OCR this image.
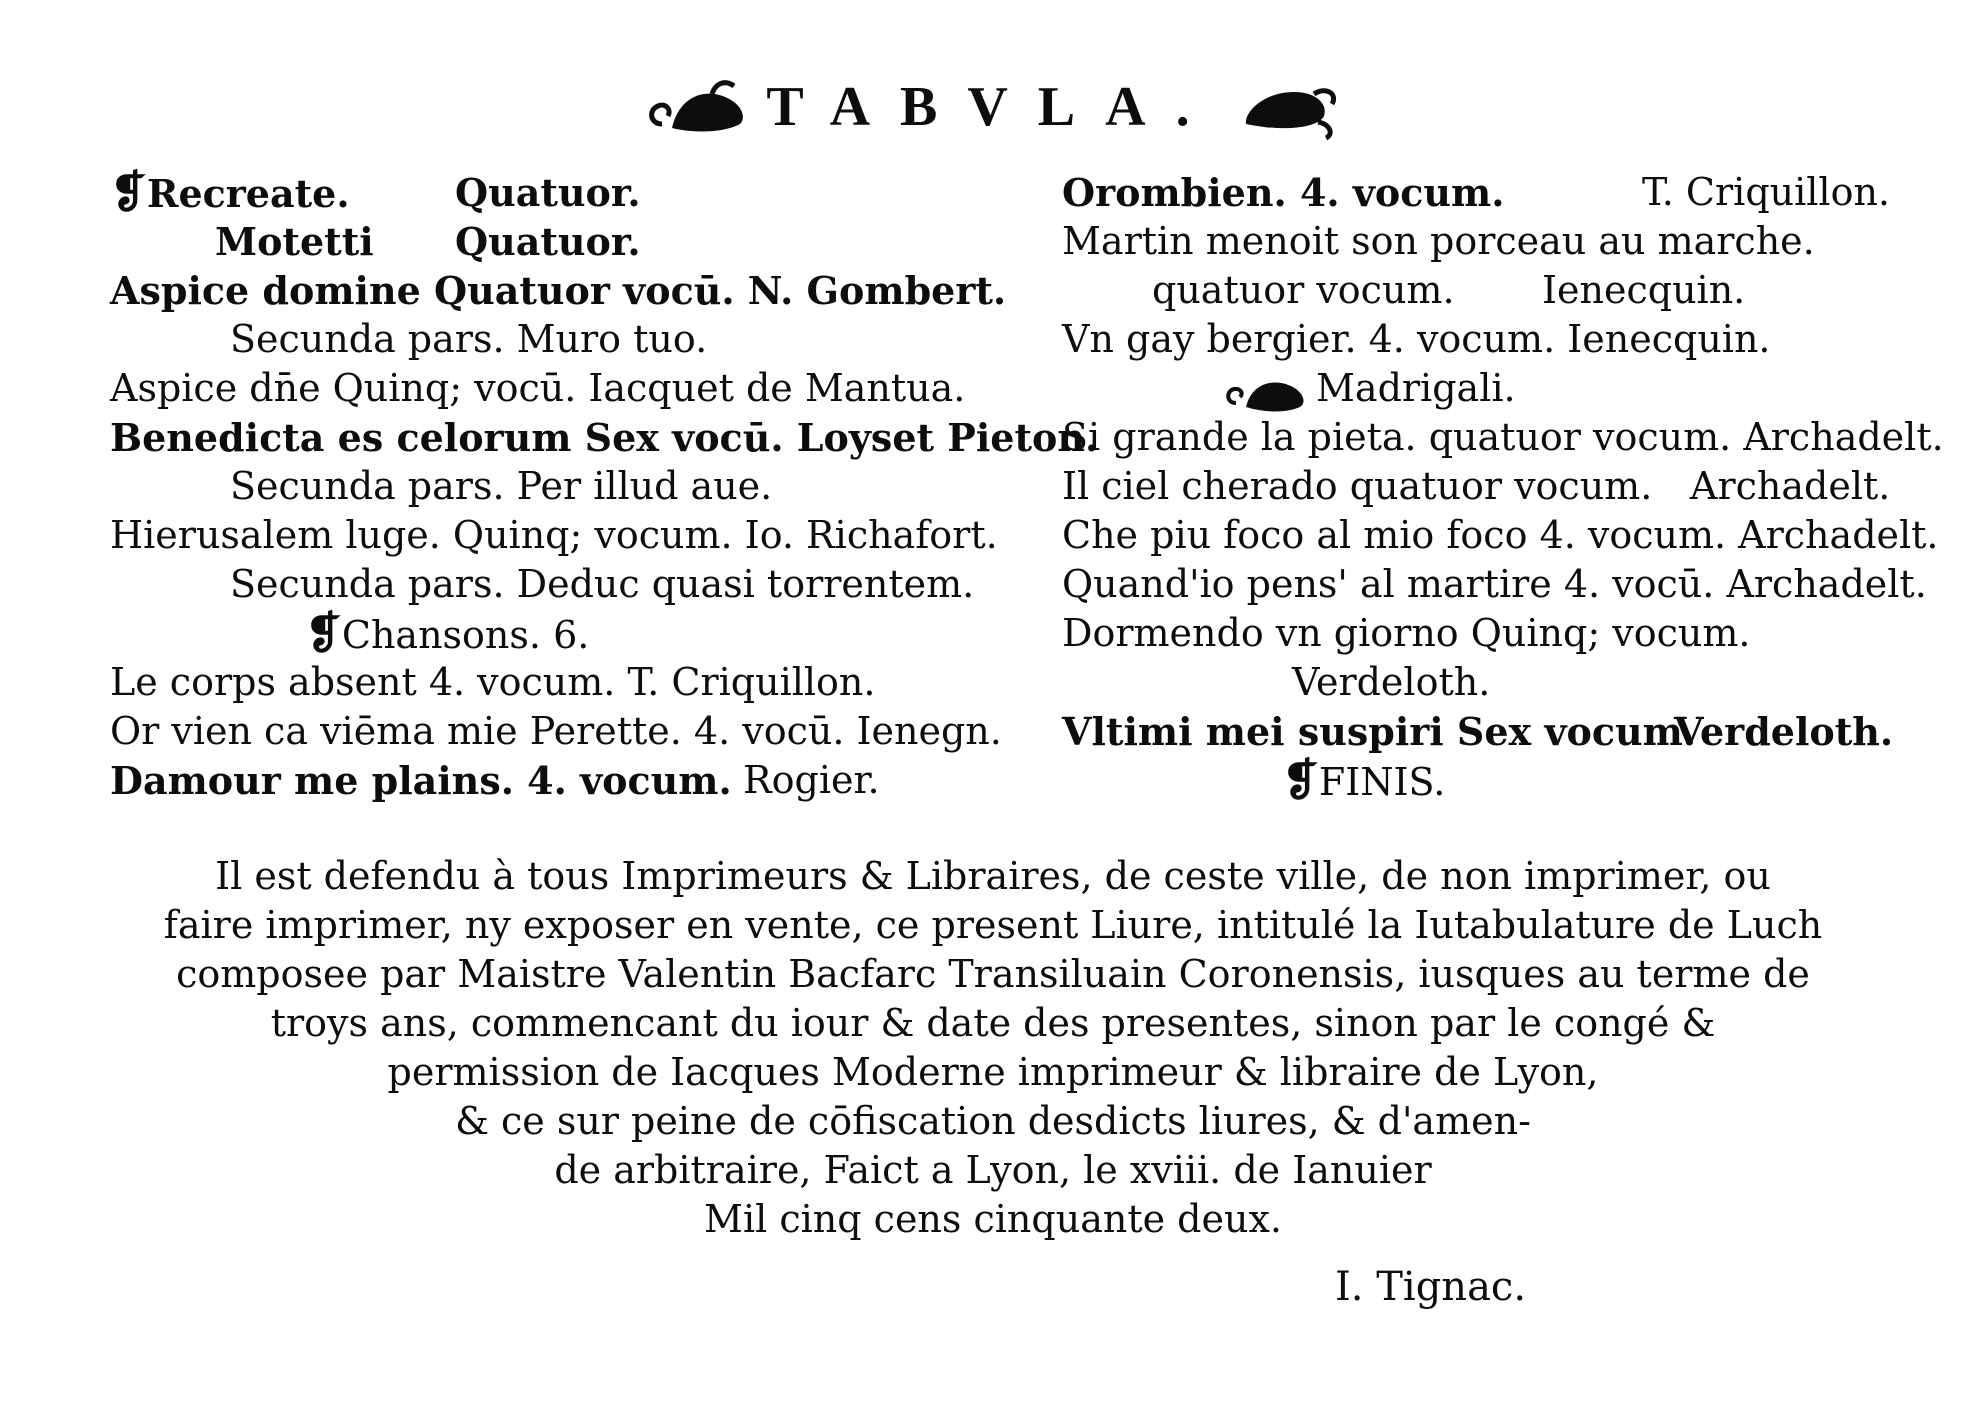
TABVLA.
❡Recreate.	Quatuor.
Motetti Quatuor.
Aspice domine Quatuor vocū. N. Gombert.
Secunda pars. Muro tuo.
Aspice dn̄e Quinq; vocū. Iacquet de Mantua.
Benedicta es celorum Sex vocū. Loyset Pieton.
Secunda pars. Per illud aue.
Hierusalem luge. Quinq; vocum. Io. Richafort.
Secunda pars. Deduc quasi torrentem.
❡Chansons. 6.
Le corps absent 4. vocum. T. Criquillon.
Or vien ca viēma mie Perette. 4. vocū. Ienegn.
Damour me plains. 4. vocum. Rogier.
Orombien. 4. vocum.	T. Criquillon.
Martin menoit son porceau au marche.
quatuor vocum. Ienecquin.
Vn gay bergier. 4. vocum. Ienecquin.
Madrigali.
Si grande la pieta. quatuor vocum. Archadelt.
Il ciel cherado quatuor vocum. Archadelt.
Che piu foco al mio foco 4. vocum. Archadelt.
Quand'io pens' al martire 4. vocū. Archadelt.
Dormendo vn giorno Quinq; vocum.
Verdeloth.
Vltimi mei suspiri Sex vocum.
Verdeloth.
❡FINIS.
Il est defendu à tous Imprimeurs & Libraires, de ceste ville, de non imprimer, ou
faire imprimer, ny exposer en vente, ce present Liure, intitulé la Iutabulature de Luch
composee par Maistre Valentin Bacfarc Transiluain Coronensis, iusques au terme de
troys ans, commencant du iour & date des presentes, sinon par le congé &
permission de Iacques Moderne imprimeur & libraire de Lyon,
& ce sur peine de cōfiscation desdicts liures, & d'amen-
de arbitraire, Faict a Lyon, le xviii. de Ianuier
Mil cinq cens cinquante deux.
I. Tignac.
